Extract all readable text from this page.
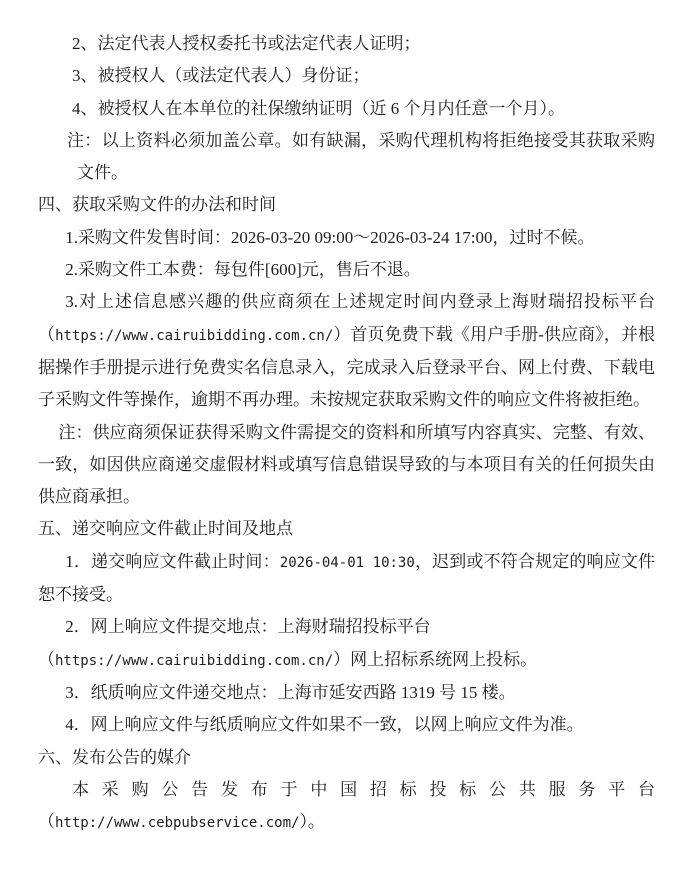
2、法定代表人授权委托书或法定代表人证明；

3、被授权人（或法定代表人）身份证；

4、被授权人在本单位的社保缴纳证明（近 6 个月内任意一个月）。

注：以上资料必须加盖公章。如有缺漏，采购代理机构将拒绝接受其获取采购文件。

四、获取采购文件的办法和时间

1.采购文件发售时间：2026-03-20 09:00～2026-03-24 17:00，过时不候。

2.采购文件工本费：每包件[600]元，售后不退。

3.对上述信息感兴趣的供应商须在上述规定时间内登录上海财瑞招投标平台（https://www.cairuibidding.com.cn/）首页免费下载《用户手册-供应商》，并根据操作手册提示进行免费实名信息录入，完成录入后登录平台、网上付费、下载电子采购文件等操作，逾期不再办理。未按规定获取采购文件的响应文件将被拒绝。

注：供应商须保证获得采购文件需提交的资料和所填写内容真实、完整、有效、一致，如因供应商递交虚假材料或填写信息错误导致的与本项目有关的任何损失由供应商承担。

五、递交响应文件截止时间及地点

1．递交响应文件截止时间：2026-04-01 10:30，迟到或不符合规定的响应文件恕不接受。

2．网上响应文件提交地点：上海财瑞招投标平台（https://www.cairuibidding.com.cn/）网上招标系统网上投标。

3．纸质响应文件递交地点：上海市延安西路 1319 号 15 楼。

4．网上响应文件与纸质响应文件如果不一致，以网上响应文件为准。

六、发布公告的媒介

本采购公告发布于中国招标投标公共服务平台（http://www.cebpubservice.com/）。
